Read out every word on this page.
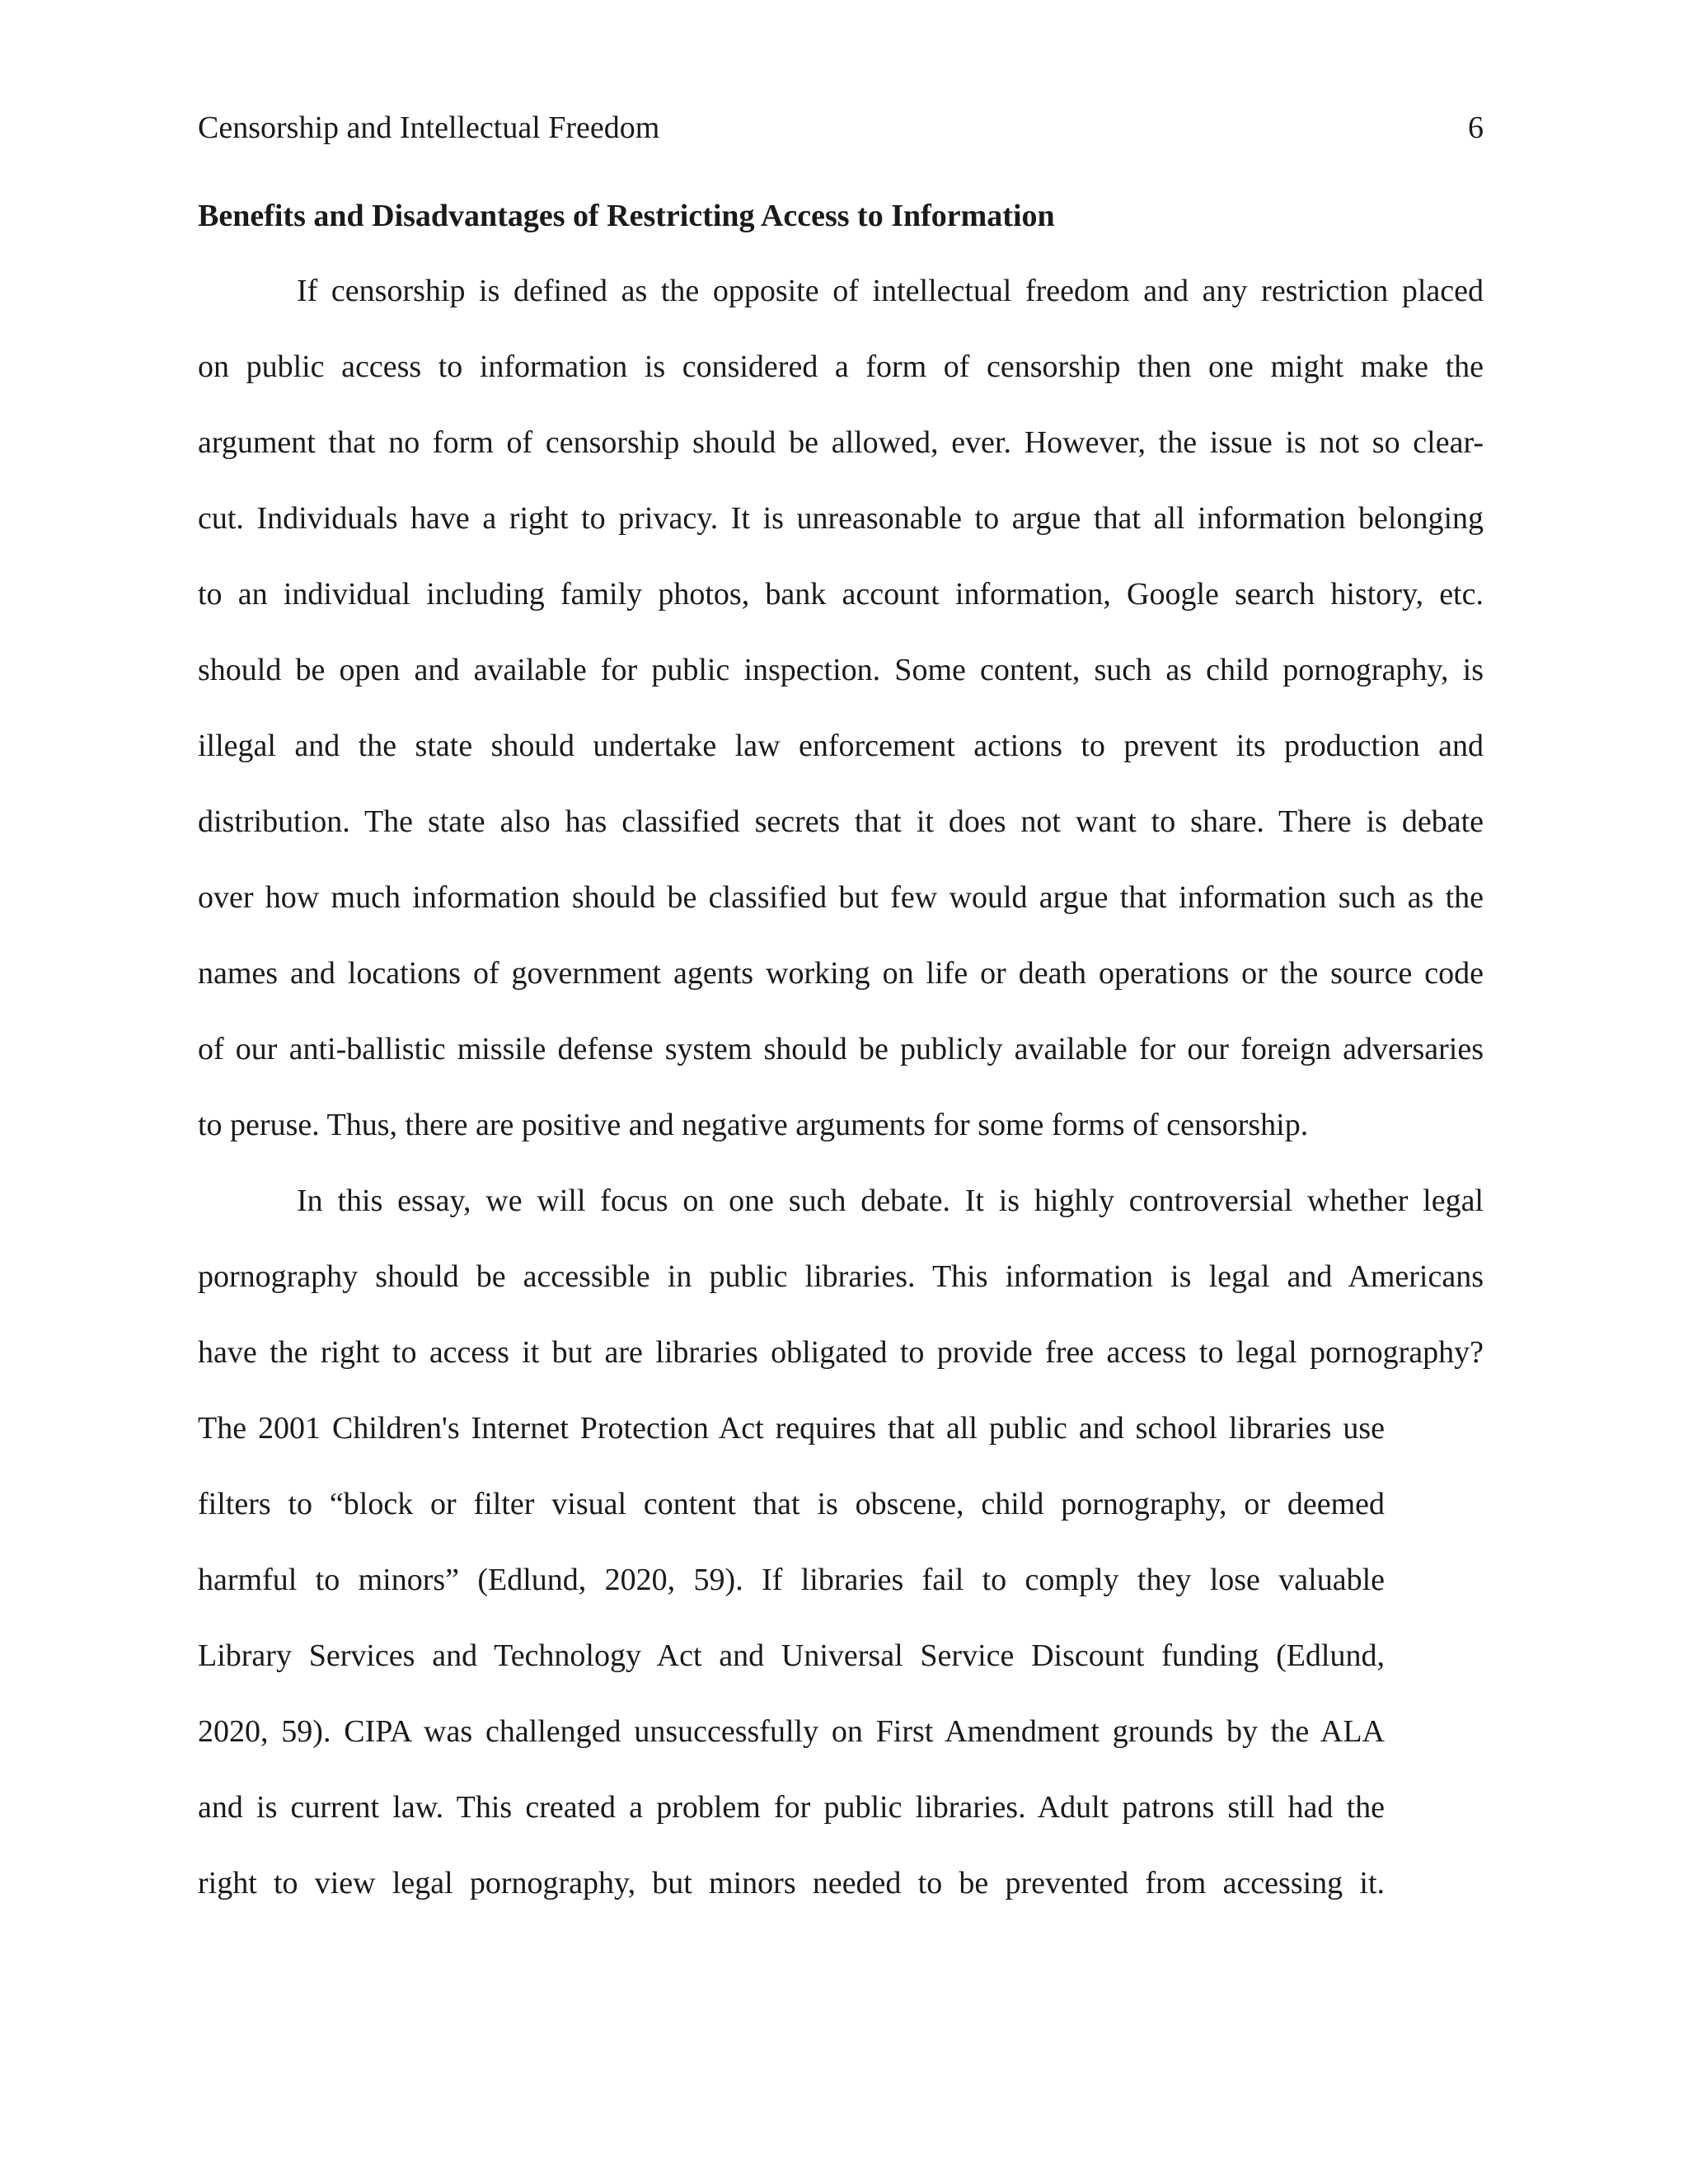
Censorship and Intellectual Freedom	6
Benefits and Disadvantages of Restricting Access to Information
If censorship is defined as the opposite of intellectual freedom and any restriction placed
on public access to information is considered a form of censorship then one might make the
argument that no form of censorship should be allowed, ever. However, the issue is not so clear-
cut. Individuals have a right to privacy. It is unreasonable to argue that all information belonging
to an individual including family photos, bank account information, Google search history, etc.
should be open and available for public inspection. Some content, such as child pornography, is
illegal and the state should undertake law enforcement actions to prevent its production and
distribution. The state also has classified secrets that it does not want to share. There is debate
over how much information should be classified but few would argue that information such as the
names and locations of government agents working on life or death operations or the source code
of our anti-ballistic missile defense system should be publicly available for our foreign adversaries
to peruse. Thus, there are positive and negative arguments for some forms of censorship.
In this essay, we will focus on one such debate. It is highly controversial whether legal
pornography should be accessible in public libraries. This information is legal and Americans
have the right to access it but are libraries obligated to provide free access to legal pornography?
The 2001 Children's Internet Protection Act requires that all public and school libraries use
filters to “block or filter visual content that is obscene, child pornography, or deemed
harmful to minors” (Edlund, 2020, 59). If libraries fail to comply they lose valuable
Library Services and Technology Act and Universal Service Discount funding (Edlund,
2020, 59). CIPA was challenged unsuccessfully on First Amendment grounds by the ALA
and is current law. This created a problem for public libraries. Adult patrons still had the
right to view legal pornography, but minors needed to be prevented from accessing it.
